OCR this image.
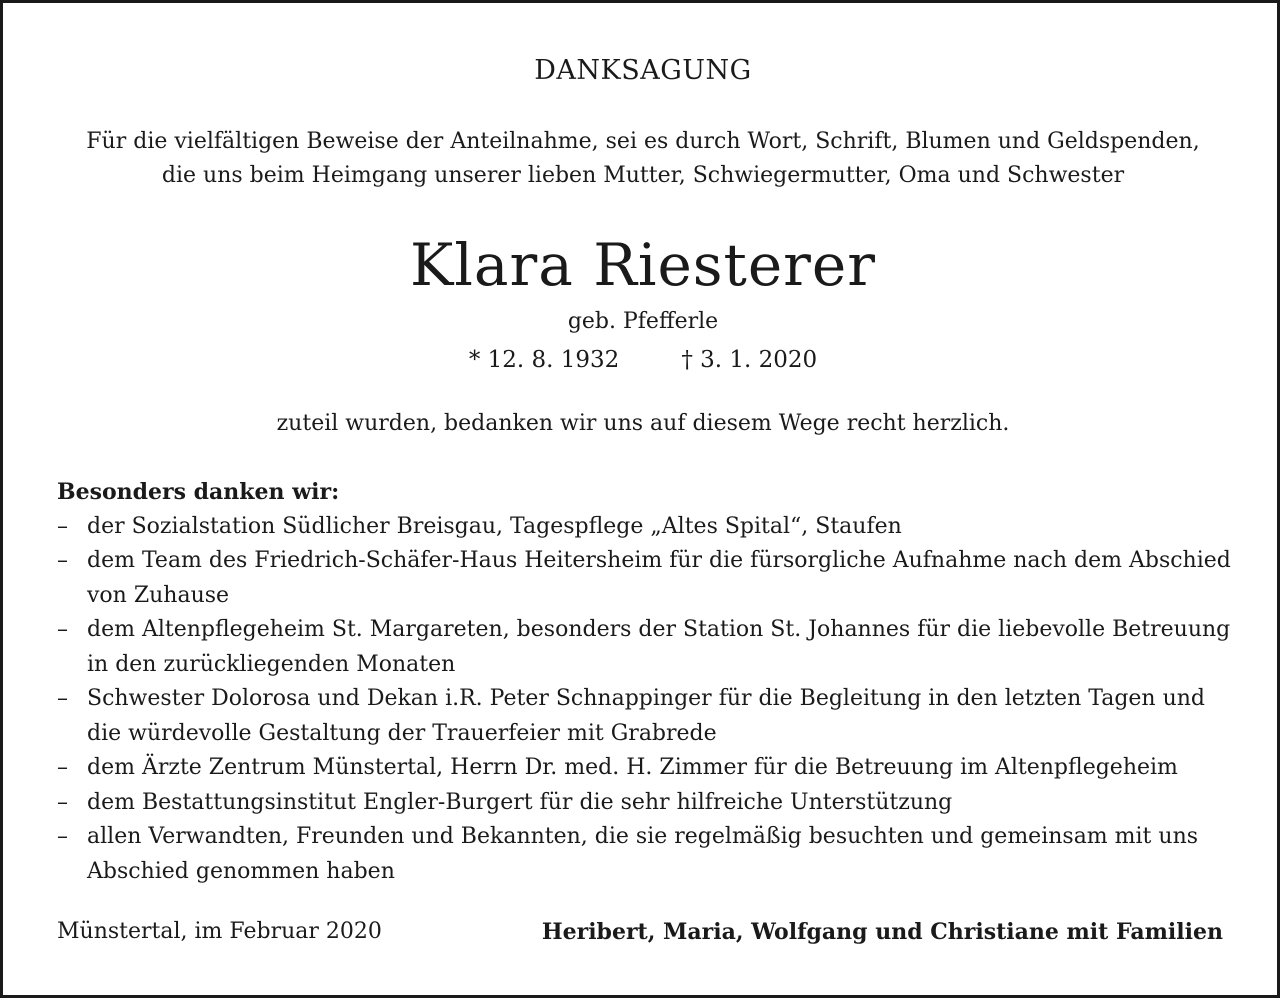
DANKSAGUNG
Für die vielfältigen Beweise der Anteilnahme, sei es durch Wort, Schrift, Blumen und Geldspenden,
die uns beim Heimgang unserer lieben Mutter, Schwiegermutter, Oma und Schwester
Klara Riesterer
geb. Pfefferle
* 12. 8. 1932	† 3. 1. 2020
zuteil wurden, bedanken wir uns auf diesem Wege recht herzlich.
Besonders danken wir:
– der Sozialstation Südlicher Breisgau, Tagespflege „Altes Spital“, Staufen
– dem Team des Friedrich-Schäfer-Haus Heitersheim für die fürsorgliche Aufnahme nach dem Abschied von Zuhause
– dem Altenpflegeheim St. Margareten, besonders der Station St. Johannes für die liebevolle Betreuung in den zurückliegenden Monaten
– Schwester Dolorosa und Dekan i.R. Peter Schnappinger für die Begleitung in den letzten Tagen und die würdevolle Gestaltung der Trauerfeier mit Grabrede
– dem Ärzte Zentrum Münstertal, Herrn Dr. med. H. Zimmer für die Betreuung im Altenpflegeheim
– dem Bestattungsinstitut Engler-Burgert für die sehr hilfreiche Unterstützung
– allen Verwandten, Freunden und Bekannten, die sie regelmäßig besuchten und gemeinsam mit uns Abschied genommen haben
Münstertal, im Februar 2020	Heribert, Maria, Wolfgang und Christiane mit Familien
